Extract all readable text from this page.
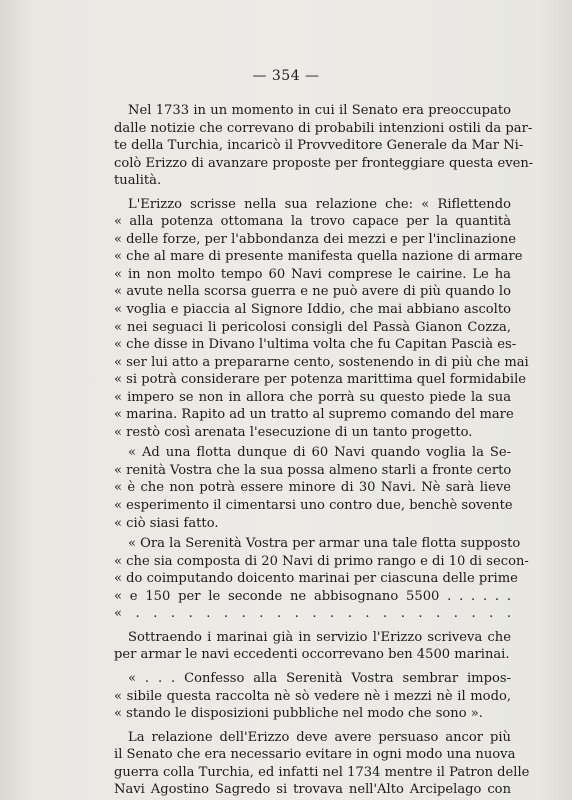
— 354 —
Nel 1733 in un momento in cui il Senato era preoccupato
dalle notizie che correvano di probabili intenzioni ostili da par-
te della Turchia, incaricò il Provveditore Generale da Mar Ni-
colò Erizzo di avanzare proposte per fronteggiare questa even-
tualità.
L'Erizzo scrisse nella sua relazione che: « Riflettendo
« alla potenza ottomana la trovo capace per la quantità
« delle forze, per l'abbondanza dei mezzi e per l'inclinazione
« che al mare di presente manifesta quella nazione di armare
« in non molto tempo 60 Navi comprese le cairine. Le ha
« avute nella scorsa guerra e ne può avere di più quando lo
« voglia e piaccia al Signore Iddio, che mai abbiano ascolto
« nei seguaci li pericolosi consigli del Passà Gianon Cozza,
« che disse in Divano l'ultima volta che fu Capitan Pascià es-
« ser lui atto a prepararne cento, sostenendo in di più che mai
« si potrà considerare per potenza marittima quel formidabile
« impero se non in allora che porrà su questo piede la sua
« marina. Rapito ad un tratto al supremo comando del mare
« restò così arenata l'esecuzione di un tanto progetto.
« Ad una flotta dunque di 60 Navi quando voglia la Se-
« renità Vostra che la sua possa almeno starli a fronte certo
« è che non potrà essere minore di 30 Navi. Nè sarà lieve
« esperimento il cimentarsi uno contro due, benchè sovente
« ciò siasi fatto.
« Ora la Serenità Vostra per armar una tale flotta supposto
« che sia composta di 20 Navi di primo rango e di 10 di secon-
« do coimputando doicento marinai per ciascuna delle prime
« e 150 per le seconde ne abbisognano 5500 . . . . . .
« . . . . . . . . . . . . . . . . . . . . . .
Sottraendo i marinai già in servizio l'Erizzo scriveva che
per armar le navi eccedenti occorrevano ben 4500 marinai.
« . . . Confesso alla Serenità Vostra sembrar impos-
« sibile questa raccolta nè sò vedere nè i mezzi nè il modo,
« stando le disposizioni pubbliche nel modo che sono ».
La relazione dell'Erizzo deve avere persuaso ancor più
il Senato che era necessario evitare in ogni modo una nuova
guerra colla Turchia, ed infatti nel 1734 mentre il Patron delle
Navi Agostino Sagredo si trovava nell'Alto Arcipelago con
